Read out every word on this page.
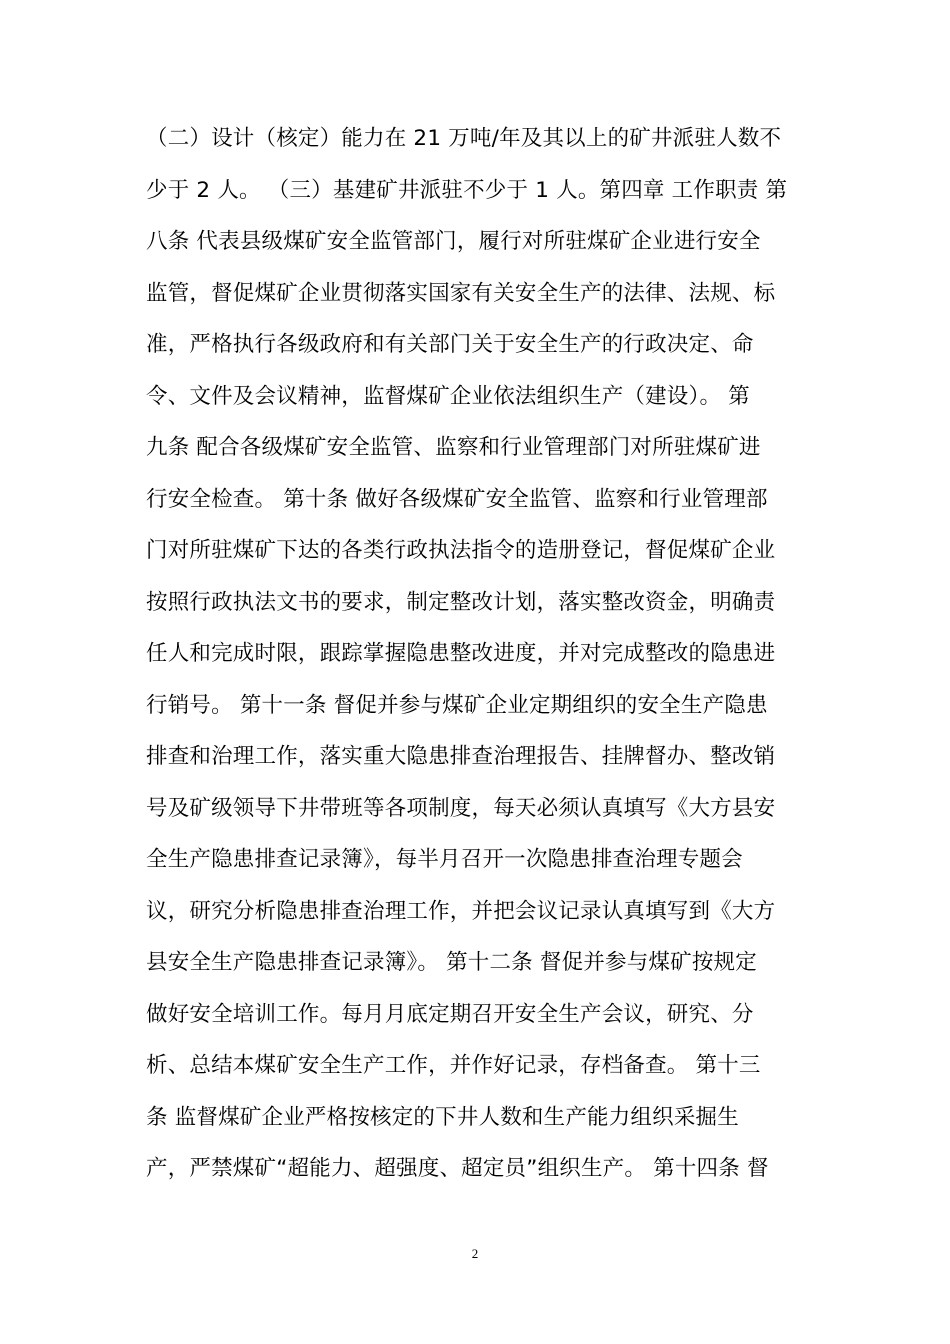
（二）设计（核定）能力在 21 万吨/年及其以上的矿井派驻人数不
少于 2 人。 （三）基建矿井派驻不少于 1 人。第四章 工作职责 第
八条 代表县级煤矿安全监管部门，履行对所驻煤矿企业进行安全
监管，督促煤矿企业贯彻落实国家有关安全生产的法律、法规、标
准，严格执行各级政府和有关部门关于安全生产的行政决定、命
令、文件及会议精神，监督煤矿企业依法组织生产（建设）。 第
九条 配合各级煤矿安全监管、监察和行业管理部门对所驻煤矿进
行安全检查。 第十条 做好各级煤矿安全监管、监察和行业管理部
门对所驻煤矿下达的各类行政执法指令的造册登记，督促煤矿企业
按照行政执法文书的要求，制定整改计划，落实整改资金，明确责
任人和完成时限，跟踪掌握隐患整改进度，并对完成整改的隐患进
行销号。 第十一条 督促并参与煤矿企业定期组织的安全生产隐患
排查和治理工作，落实重大隐患排查治理报告、挂牌督办、整改销
号及矿级领导下井带班等各项制度，每天必须认真填写《大方县安
全生产隐患排查记录簿》，每半月召开一次隐患排查治理专题会
议，研究分析隐患排查治理工作，并把会议记录认真填写到《大方
县安全生产隐患排查记录簿》。 第十二条 督促并参与煤矿按规定
做好安全培训工作。每月月底定期召开安全生产会议，研究、分
析、总结本煤矿安全生产工作，并作好记录，存档备查。 第十三
条 监督煤矿企业严格按核定的下井人数和生产能力组织采掘生
产，严禁煤矿“超能力、超强度、超定员”组织生产。 第十四条 督
2
